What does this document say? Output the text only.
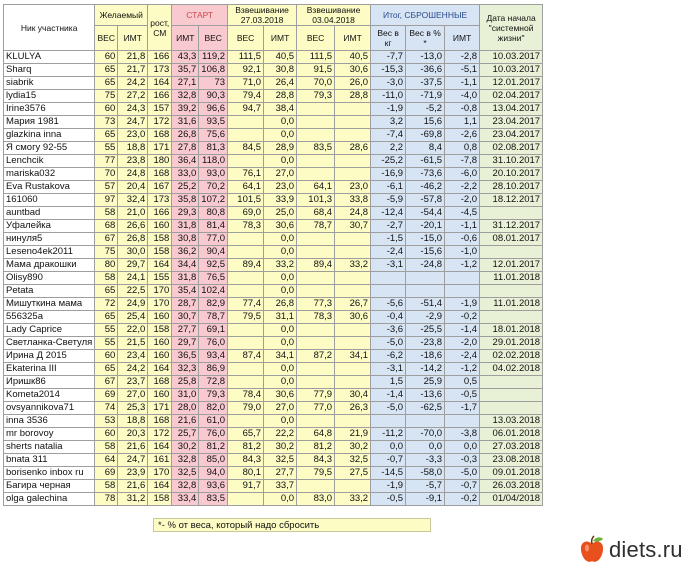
Ник участника	Желаемый		рост, СМ	СТАРТ		Взвешивание 27.03.2018		Взвешивание 03.04.2018		Итог, СБРОШЕННЫЕ			Дата начала "системной жизни"
	ВЕС	ИМТ		ИМТ	ВЕС	ВЕС	ИМТ	ВЕС	ИМТ	Вес в кг	Вес в % *	ИМТ	
KLULYA	60	21,8	166	43,3	119,2	111,5	40,5	111,5	40,5	-7,7	-13,0	-2,8	10.03.2017
Sharq	65	21,7	173	35,7	106,8	92,1	30,8	91,5	30,6	-15,3	-36,6	-5,1	10.03.2017
siabrik	65	24,2	164	27,1	73	71,0	26,4	70,0	26,0	-3,0	-37,5	-1,1	12.01.2017
lydia15	75	27,2	166	32,8	90,3	79,4	28,8	79,3	28,8	-11,0	-71,9	-4,0	02.04.2017
Irine3576	60	24,3	157	39,2	96,6	94,7	38,4			-1,9	-5,2	-0,8	13.04.2017
Мария 1981	73	24,7	172	31,6	93,5		0,0			3,2	15,6	1,1	23.04.2017
glazkina inna	65	23,0	168	26,8	75,6		0,0			-7,4	-69,8	-2,6	23.04.2017
Я смогу 92-55	55	18,8	171	27,8	81,3	84,5	28,9	83,5	28,6	2,2	8,4	0,8	02.08.2017
Lenchcik	77	23,8	180	36,4	118,0		0,0			-25,2	-61,5	-7,8	31.10.2017
mariska032	70	24,8	168	33,0	93,0	76,1	27,0			-16,9	-73,6	-6,0	20.10.2017
Eva Rustakova	57	20,4	167	25,2	70,2	64,1	23,0	64,1	23,0	-6,1	-46,2	-2,2	28.10.2017
161060	97	32,4	173	35,8	107,2	101,5	33,9	101,3	33,8	-5,9	-57,8	-2,0	18.12.2017
auntbad	58	21,0	166	29,3	80,8	69,0	25,0	68,4	24,8	-12,4	-54,4	-4,5	
Уфалейка	68	26,6	160	31,8	81,4	78,3	30,6	78,7	30,7	-2,7	-20,1	-1,1	31.12.2017
нинуля5	67	26,8	158	30,8	77,0		0,0			-1,5	-15,0	-0,6	08.01.2017
Leseno4ek2011	75	30,0	158	36,2	90,4		0,0			-2,4	-15,6	-1,0	
Мама дракошки	80	29,7	164	34,4	92,5	89,4	33,2	89,4	33,2	-3,1	-24,8	-1,2	12.01.2017
Olisy890	58	24,1	155	31,8	76,5		0,0						11.01.2018
Petata	65	22,5	170	35,4	102,4		0,0						
Мишуткина мама	72	24,9	170	28,7	82,9	77,4	26,8	77,3	26,7	-5,6	-51,4	-1,9	11.01.2018
556325a	65	25,4	160	30,7	78,7	79,5	31,1	78,3	30,6	-0,4	-2,9	-0,2	
Lady Caprice	55	22,0	158	27,7	69,1		0,0			-3,6	-25,5	-1,4	18.01.2018
Светланка-Светуля	55	21,5	160	29,7	76,0		0,0			-5,0	-23,8	-2,0	29.01.2018
Ирина Д 2015	60	23,4	160	36,5	93,4	87,4	34,1	87,2	34,1	-6,2	-18,6	-2,4	02.02.2018
Ekaterina III	65	24,2	164	32,3	86,9		0,0			-3,1	-14,2	-1,2	04.02.2018
Иришк86	67	23,7	168	25,8	72,8		0,0			1,5	25,9	0,5	
Kometa2014	69	27,0	160	31,0	79,3	78,4	30,6	77,9	30,4	-1,4	-13,6	-0,5	
ovsyannikova71	74	25,3	171	28,0	82,0	79,0	27,0	77,0	26,3	-5,0	-62,5	-1,7	
inna 3536	53	18,8	168	21,6	61,0		0,0						13.03.2018
mr borovoy	60	20,3	172	25,7	76,0	65,7	22,2	64,8	21,9	-11,2	-70,0	-3,8	06.01.2018
sherts natalia	58	21,6	164	30,2	81,2	81,2	30,2	81,2	30,2	0,0	0,0	0,0	27.03.2018
bnata 311	64	24,7	161	32,8	85,0	84,3	32,5	84,3	32,5	-0,7	-3,3	-0,3	23.08.2018
borisenko inbox ru	69	23,9	170	32,5	94,0	80,1	27,7	79,5	27,5	-14,5	-58,0	-5,0	09.01.2018
Багира черная	58	21,6	164	32,8	93,6	91,7	33,7			-1,9	-5,7	-0,7	26.03.2018
olga galechina	78	31,2	158	33,4	83,5		0,0	83,0	33,2	-0,5	-9,1	-0,2	01/04/2018
*- % от веса, который надо сбросить
diets.ru
